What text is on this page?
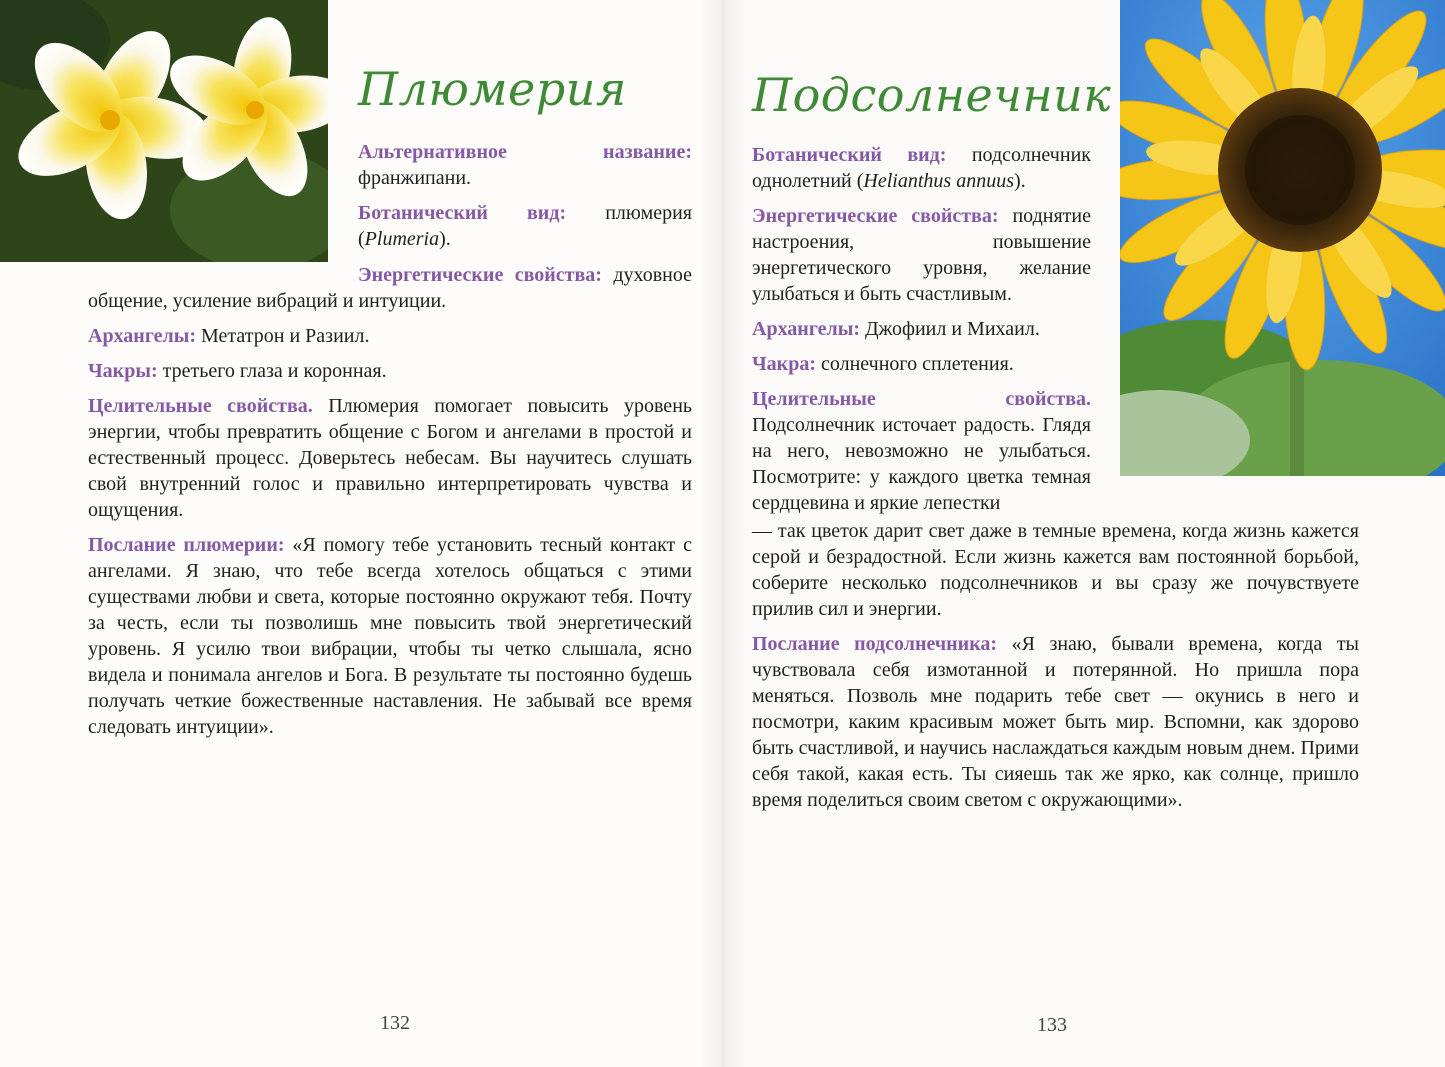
Плюмерия

Альтернативное название: франжипани.

Ботанический вид: плюмерия (Plumeria).

Энергетические свойства: духовное общение, усиление вибраций и интуиции.

Архангелы: Метатрон и Разиил.

Чакры: третьего глаза и коронная.

Целительные свойства. Плюмерия помогает повысить уровень энергии, чтобы превратить общение с Богом и ангелами в простой и естественный процесс. Доверьтесь небесам. Вы научитесь слушать свой внутренний голос и правильно интерпретировать чувства и ощущения.

Послание плюмерии: «Я помогу тебе установить тесный контакт с ангелами. Я знаю, что тебе всегда хотелось общаться с этими существами любви и света, которые постоянно окружают тебя. Почту за честь, если ты позволишь мне повысить твой энергетический уровень. Я усилю твои вибрации, чтобы ты четко слышала, ясно видела и понимала ангелов и Бога. В результате ты постоянно будешь получать четкие божественные наставления. Не забывай все время следовать интуиции».

132
Подсолнечник

Ботанический вид: подсолнечник однолетний (Helianthus annuus).

Энергетические свойства: поднятие настроения, повышение энергетического уровня, желание улыбаться и быть счастливым.

Архангелы: Джофиил и Михаил.

Чакра: солнечного сплетения.

Целительные свойства. Подсолнечник источает радость. Глядя на него, невозможно не улыбаться. Посмотрите: у каждого цветка темная сердцевина и яркие лепестки

— так цветок дарит свет даже в темные времена, когда жизнь кажется серой и безрадостной. Если жизнь кажется вам постоянной борьбой, соберите несколько подсолнечников и вы сразу же почувствуете прилив сил и энергии.

Послание подсолнечника: «Я знаю, бывали времена, когда ты чувствовала себя измотанной и потерянной. Но пришла пора меняться. Позволь мне подарить тебе свет — окунись в него и посмотри, каким красивым может быть мир. Вспомни, как здорово быть счастливой, и научись наслаждаться каждым новым днем. Прими себя такой, какая есть. Ты сияешь так же ярко, как солнце, пришло время поделиться своим светом с окружающими».

133
